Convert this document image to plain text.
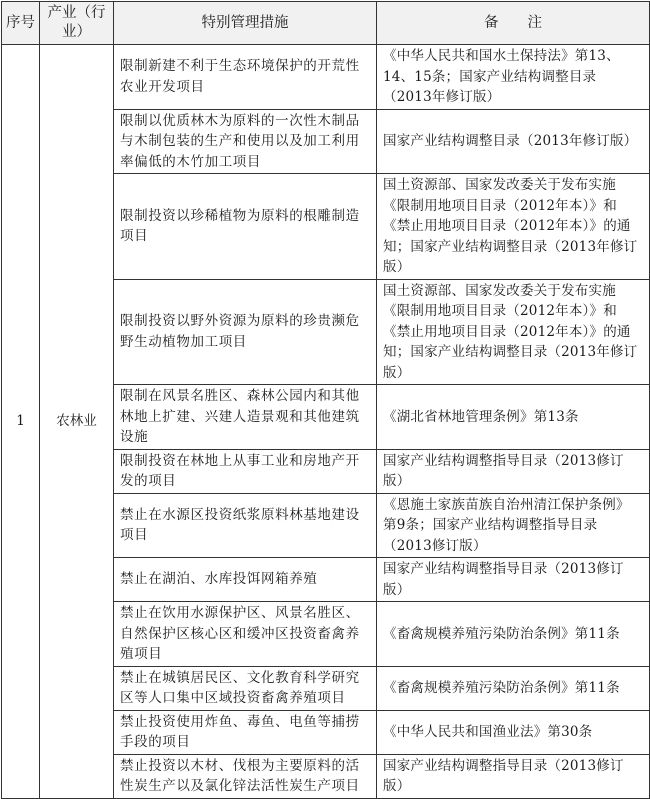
序号	产业（行业）	特别管理措施	备　　注
1	农林业	限制新建不利于生态环境保护的开荒性农业开发项目	《中华人民共和国水土保持法》第13、14、15条；国家产业结构调整目录（2013年修订版）
		限制以优质林木为原料的一次性木制品与木制包装的生产和使用以及加工利用率偏低的木竹加工项目	国家产业结构调整目录（2013年修订版）
		限制投资以珍稀植物为原料的根雕制造项目	国土资源部、国家发改委关于发布实施《限制用地项目目录（2012年本）》和《禁止用地项目目录（2012年本）》的通知；国家产业结构调整目录（2013年修订版）
		限制投资以野外资源为原料的珍贵濒危野生动植物加工项目	国土资源部、国家发改委关于发布实施《限制用地项目目录（2012年本）》和《禁止用地项目目录（2012年本）》的通知；国家产业结构调整目录（2013年修订版）
		限制在风景名胜区、森林公园内和其他林地上扩建、兴建人造景观和其他建筑设施	《湖北省林地管理条例》第13条
		限制投资在林地上从事工业和房地产开发的项目	国家产业结构调整指导目录（2013修订版）
		禁止在水源区投资纸浆原料林基地建设项目	《恩施土家族苗族自治州清江保护条例》第9条；国家产业结构调整指导目录（2013修订版）
		禁止在湖泊、水库投饵网箱养殖	国家产业结构调整指导目录（2013修订版）
		禁止在饮用水源保护区、风景名胜区、自然保护区核心区和缓冲区投资畜禽养殖项目	《畜禽规模养殖污染防治条例》第11条
		禁止在城镇居民区、文化教育科学研究区等人口集中区域投资畜禽养殖项目	《畜禽规模养殖污染防治条例》第11条
		禁止投资使用炸鱼、毒鱼、电鱼等捕捞手段的项目	《中华人民共和国渔业法》第30条
		禁止投资以木材、伐根为主要原料的活性炭生产以及氯化锌法活性炭生产项目	国家产业结构调整指导目录（2013修订版）
